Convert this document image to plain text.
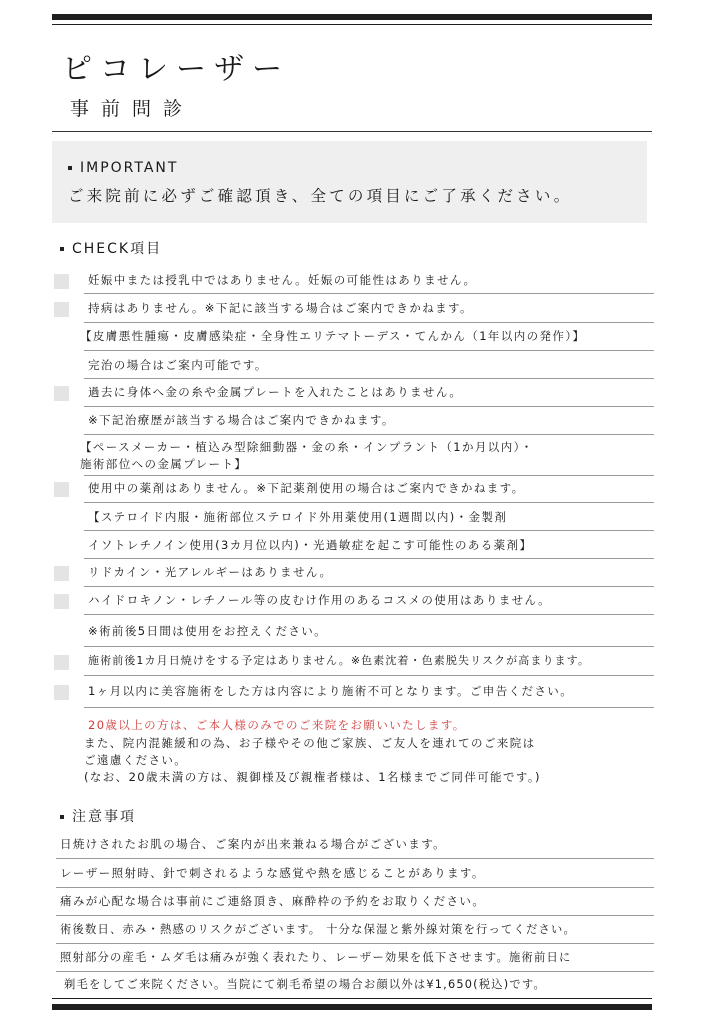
ピコレーザー
事前問診
IMPORTANT
ご来院前に必ずご確認頂き、全ての項目にご了承ください。
CHECK項目
妊娠中または授乳中ではありません。妊娠の可能性はありません。
持病はありません。※下記に該当する場合はご案内できかねます。
【皮膚悪性腫瘍・皮膚感染症・全身性エリテマトーデス・てんかん（1年以内の発作）】
完治の場合はご案内可能です。
過去に身体へ金の糸や金属プレートを入れたことはありません。
※下記治療歴が該当する場合はご案内できかねます。
【ペースメーカー・植込み型除細動器・金の糸・インプラント（1か月以内）・
施術部位への金属プレート】
使用中の薬剤はありません。※下記薬剤使用の場合はご案内できかねます。
【ステロイド内服・施術部位ステロイド外用薬使用(1週間以内)・金製剤
イソトレチノイン使用(3カ月位以内)・光過敏症を起こす可能性のある薬剤】
リドカイン・光アレルギーはありません。
ハイドロキノン・レチノール等の皮むけ作用のあるコスメの使用はありません。
※術前後5日間は使用をお控えください。
施術前後1カ月日焼けをする予定はありません。※色素沈着・色素脱失リスクが高まります。
1ヶ月以内に美容施術をした方は内容により施術不可となります。ご申告ください。
20歳以上の方は、ご本人様のみでのご来院をお願いいたします。
また、院内混雑緩和の為、お子様やその他ご家族、ご友人を連れてのご来院は
ご遠慮ください。
(なお、20歳未満の方は、親御様及び親権者様は、1名様までご同伴可能です。)
注意事項
日焼けされたお肌の場合、ご案内が出来兼ねる場合がございます。
レーザー照射時、針で刺されるような感覚や熱を感じることがあります。
痛みが心配な場合は事前にご連絡頂き、麻酔枠の予約をお取りください。
術後数日、赤み・熱感のリスクがございます。 十分な保湿と紫外線対策を行ってください。
照射部分の産毛・ムダ毛は痛みが強く表れたり、レーザー効果を低下させます。施術前日に
剃毛をしてご来院ください。当院にて剃毛希望の場合お顔以外は¥1,650(税込)です。
